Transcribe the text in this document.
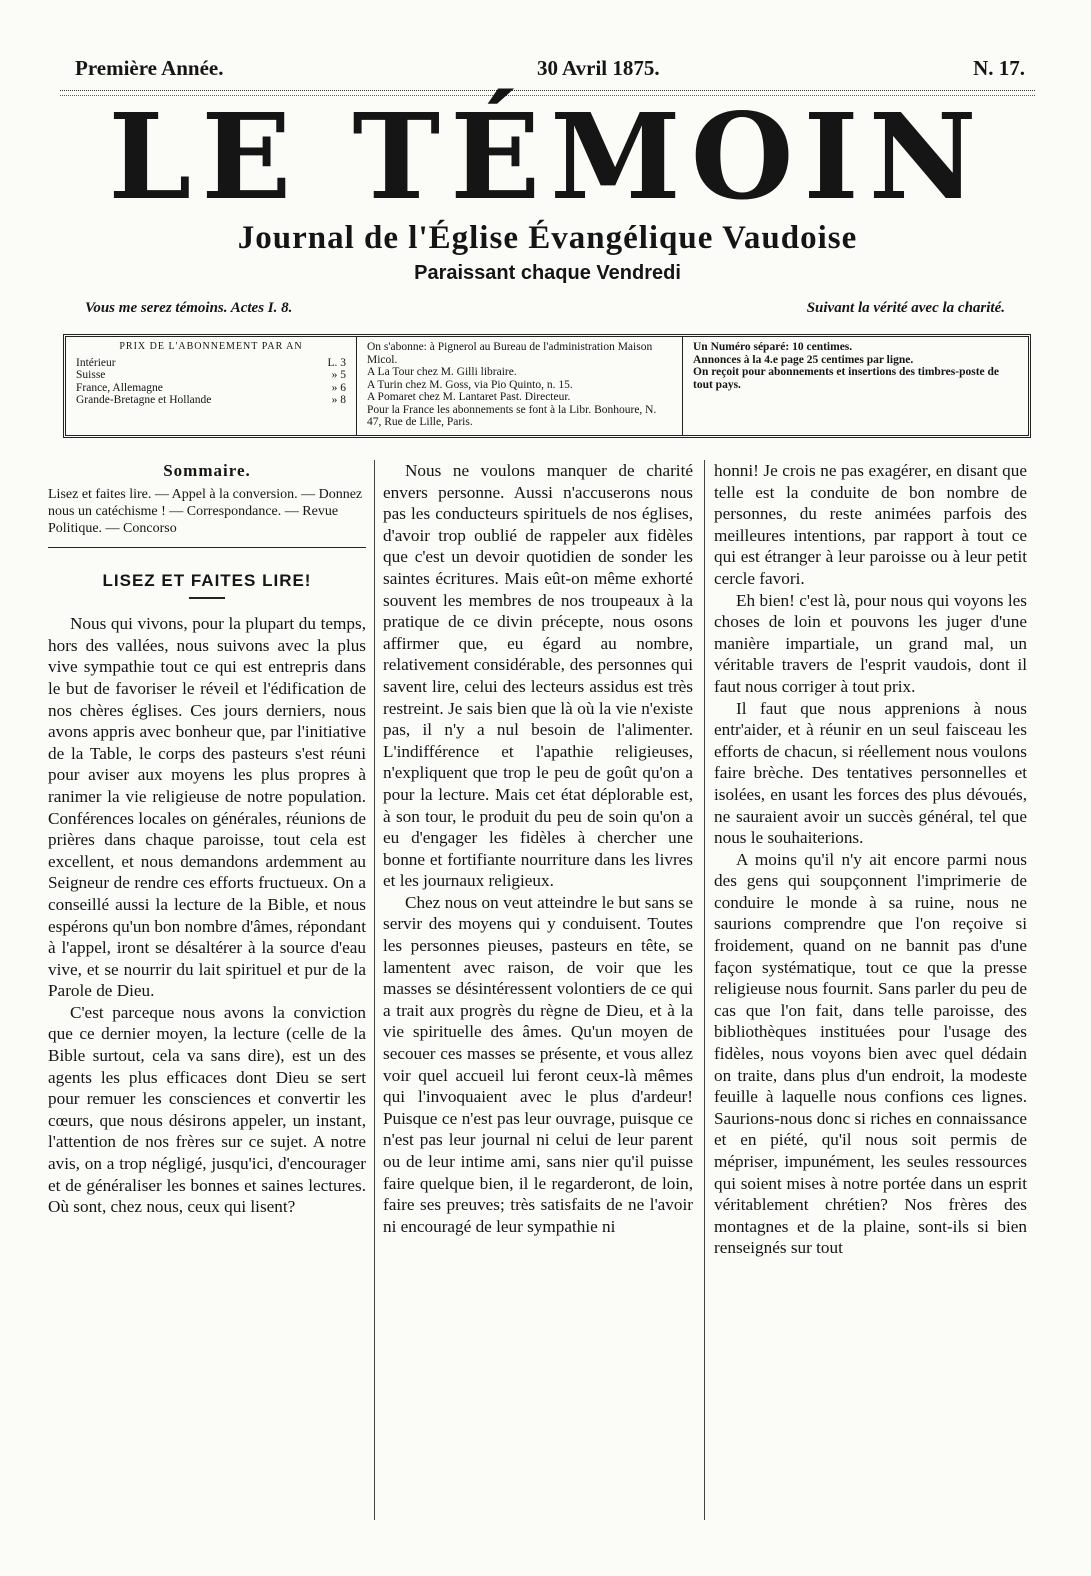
Première Année.	30 Avril 1875.	N. 17.
LE TÉMOIN
Journal de l'Église Évangélique Vaudoise
Paraissant chaque Vendredi
Vous me serez témoins. Actes I. 8.	Suivant la vérité avec la charité.
PRIX DE L'ABONNEMENT PAR AN
Intérieur	L. 3
Suisse	» 5
France, Allemagne	» 6
Grande-Bretagne et Hollande	» 8
On s'abonne: à Pignerol au Bureau de l'administration Maison Micol.
A La Tour chez M. Gilli libraire.
A Turin chez M. Goss, via Pio Quinto, n. 15.
A Pomaret chez M. Lantaret Past. Directeur.
Pour la France les abonnements se font à la Libr. Bonhoure, N. 47, Rue de Lille, Paris.
Un Numéro séparé: 10 centimes.
Annonces à la 4.e page 25 centimes par ligne.
On reçoit pour abonnements et insertions des timbres-poste de tout pays.
Sommaire.
Lisez et faites lire. — Appel à la conversion. — Donnez nous un catéchisme ! — Correspondance. — Revue Politique. — Concorso
LISEZ ET FAITES LIRE!

Nous qui vivons, pour la plupart du temps, hors des vallées, nous suivons avec la plus vive sympathie tout ce qui est entrepris dans le but de favoriser le réveil et l'édification de nos chères églises. Ces jours derniers, nous avons appris avec bonheur que, par l'initiative de la Table, le corps des pasteurs s'est réuni pour aviser aux moyens les plus propres à ranimer la vie religieuse de notre population. Conférences locales on générales, réunions de prières dans chaque paroisse, tout cela est excellent, et nous demandons ardemment au Seigneur de rendre ces efforts fructueux. On a conseillé aussi la lecture de la Bible, et nous espérons qu'un bon nombre d'âmes, répondant à l'appel, iront se désaltérer à la source d'eau vive, et se nourrir du lait spirituel et pur de la Parole de Dieu.

C'est parceque nous avons la conviction que ce dernier moyen, la lecture (celle de la Bible surtout, cela va sans dire), est un des agents les plus efficaces dont Dieu se sert pour remuer les consciences et convertir les cœurs, que nous désirons appeler, un instant, l'attention de nos frères sur ce sujet. A notre avis, on a trop négligé, jusqu'ici, d'encourager et de généraliser les bonnes et saines lectures. Où sont, chez nous, ceux qui lisent?

Nous ne voulons manquer de charité envers personne. Aussi n'accuserons nous pas les conducteurs spirituels de nos églises, d'avoir trop oublié de rappeler aux fidèles que c'est un devoir quotidien de sonder les saintes écritures. Mais eût-on même exhorté souvent les membres de nos troupeaux à la pratique de ce divin précepte, nous osons affirmer que, eu égard au nombre, relativement considérable, des personnes qui savent lire, celui des lecteurs assidus est très restreint. Je sais bien que là où la vie n'existe pas, il n'y a nul besoin de l'alimenter. L'indifférence et l'apathie religieuses, n'expliquent que trop le peu de goût qu'on a pour la lecture. Mais cet état déplorable est, à son tour, le produit du peu de soin qu'on a eu d'engager les fidèles à chercher une bonne et fortifiante nourriture dans les livres et les journaux religieux.

Chez nous on veut atteindre le but sans se servir des moyens qui y conduisent. Toutes les personnes pieuses, pasteurs en tête, se lamentent avec raison, de voir que les masses se désintéressent volontiers de ce qui a trait aux progrès du règne de Dieu, et à la vie spirituelle des âmes. Qu'un moyen de secouer ces masses se présente, et vous allez voir quel accueil lui feront ceux-là mêmes qui l'invoquaient avec le plus d'ardeur! Puisque ce n'est pas leur ouvrage, puisque ce n'est pas leur journal ni celui de leur parent ou de leur intime ami, sans nier qu'il puisse faire quelque bien, il le regarderont, de loin, faire ses preuves; très satisfaits de ne l'avoir ni encouragé de leur sympathie ni

honni! Je crois ne pas exagérer, en disant que telle est la conduite de bon nombre de personnes, du reste animées parfois des meilleures intentions, par rapport à tout ce qui est étranger à leur paroisse ou à leur petit cercle favori.

Eh bien! c'est là, pour nous qui voyons les choses de loin et pouvons les juger d'une manière impartiale, un grand mal, un véritable travers de l'esprit vaudois, dont il faut nous corriger à tout prix.

Il faut que nous apprenions à nous entr'aider, et à réunir en un seul faisceau les efforts de chacun, si réellement nous voulons faire brèche. Des tentatives personnelles et isolées, en usant les forces des plus dévoués, ne sauraient avoir un succès général, tel que nous le souhaiterions.

A moins qu'il n'y ait encore parmi nous des gens qui soupçonnent l'imprimerie de conduire le monde à sa ruine, nous ne saurions comprendre que l'on reçoive si froidement, quand on ne bannit pas d'une façon systématique, tout ce que la presse religieuse nous fournit. Sans parler du peu de cas que l'on fait, dans telle paroisse, des bibliothèques instituées pour l'usage des fidèles, nous voyons bien avec quel dédain on traite, dans plus d'un endroit, la modeste feuille à laquelle nous confions ces lignes. Saurions-nous donc si riches en connaissance et en piété, qu'il nous soit permis de mépriser, impunément, les seules ressources qui soient mises à notre portée dans un esprit véritablement chrétien? Nos frères des montagnes et de la plaine, sont-ils si bien renseignés sur tout
